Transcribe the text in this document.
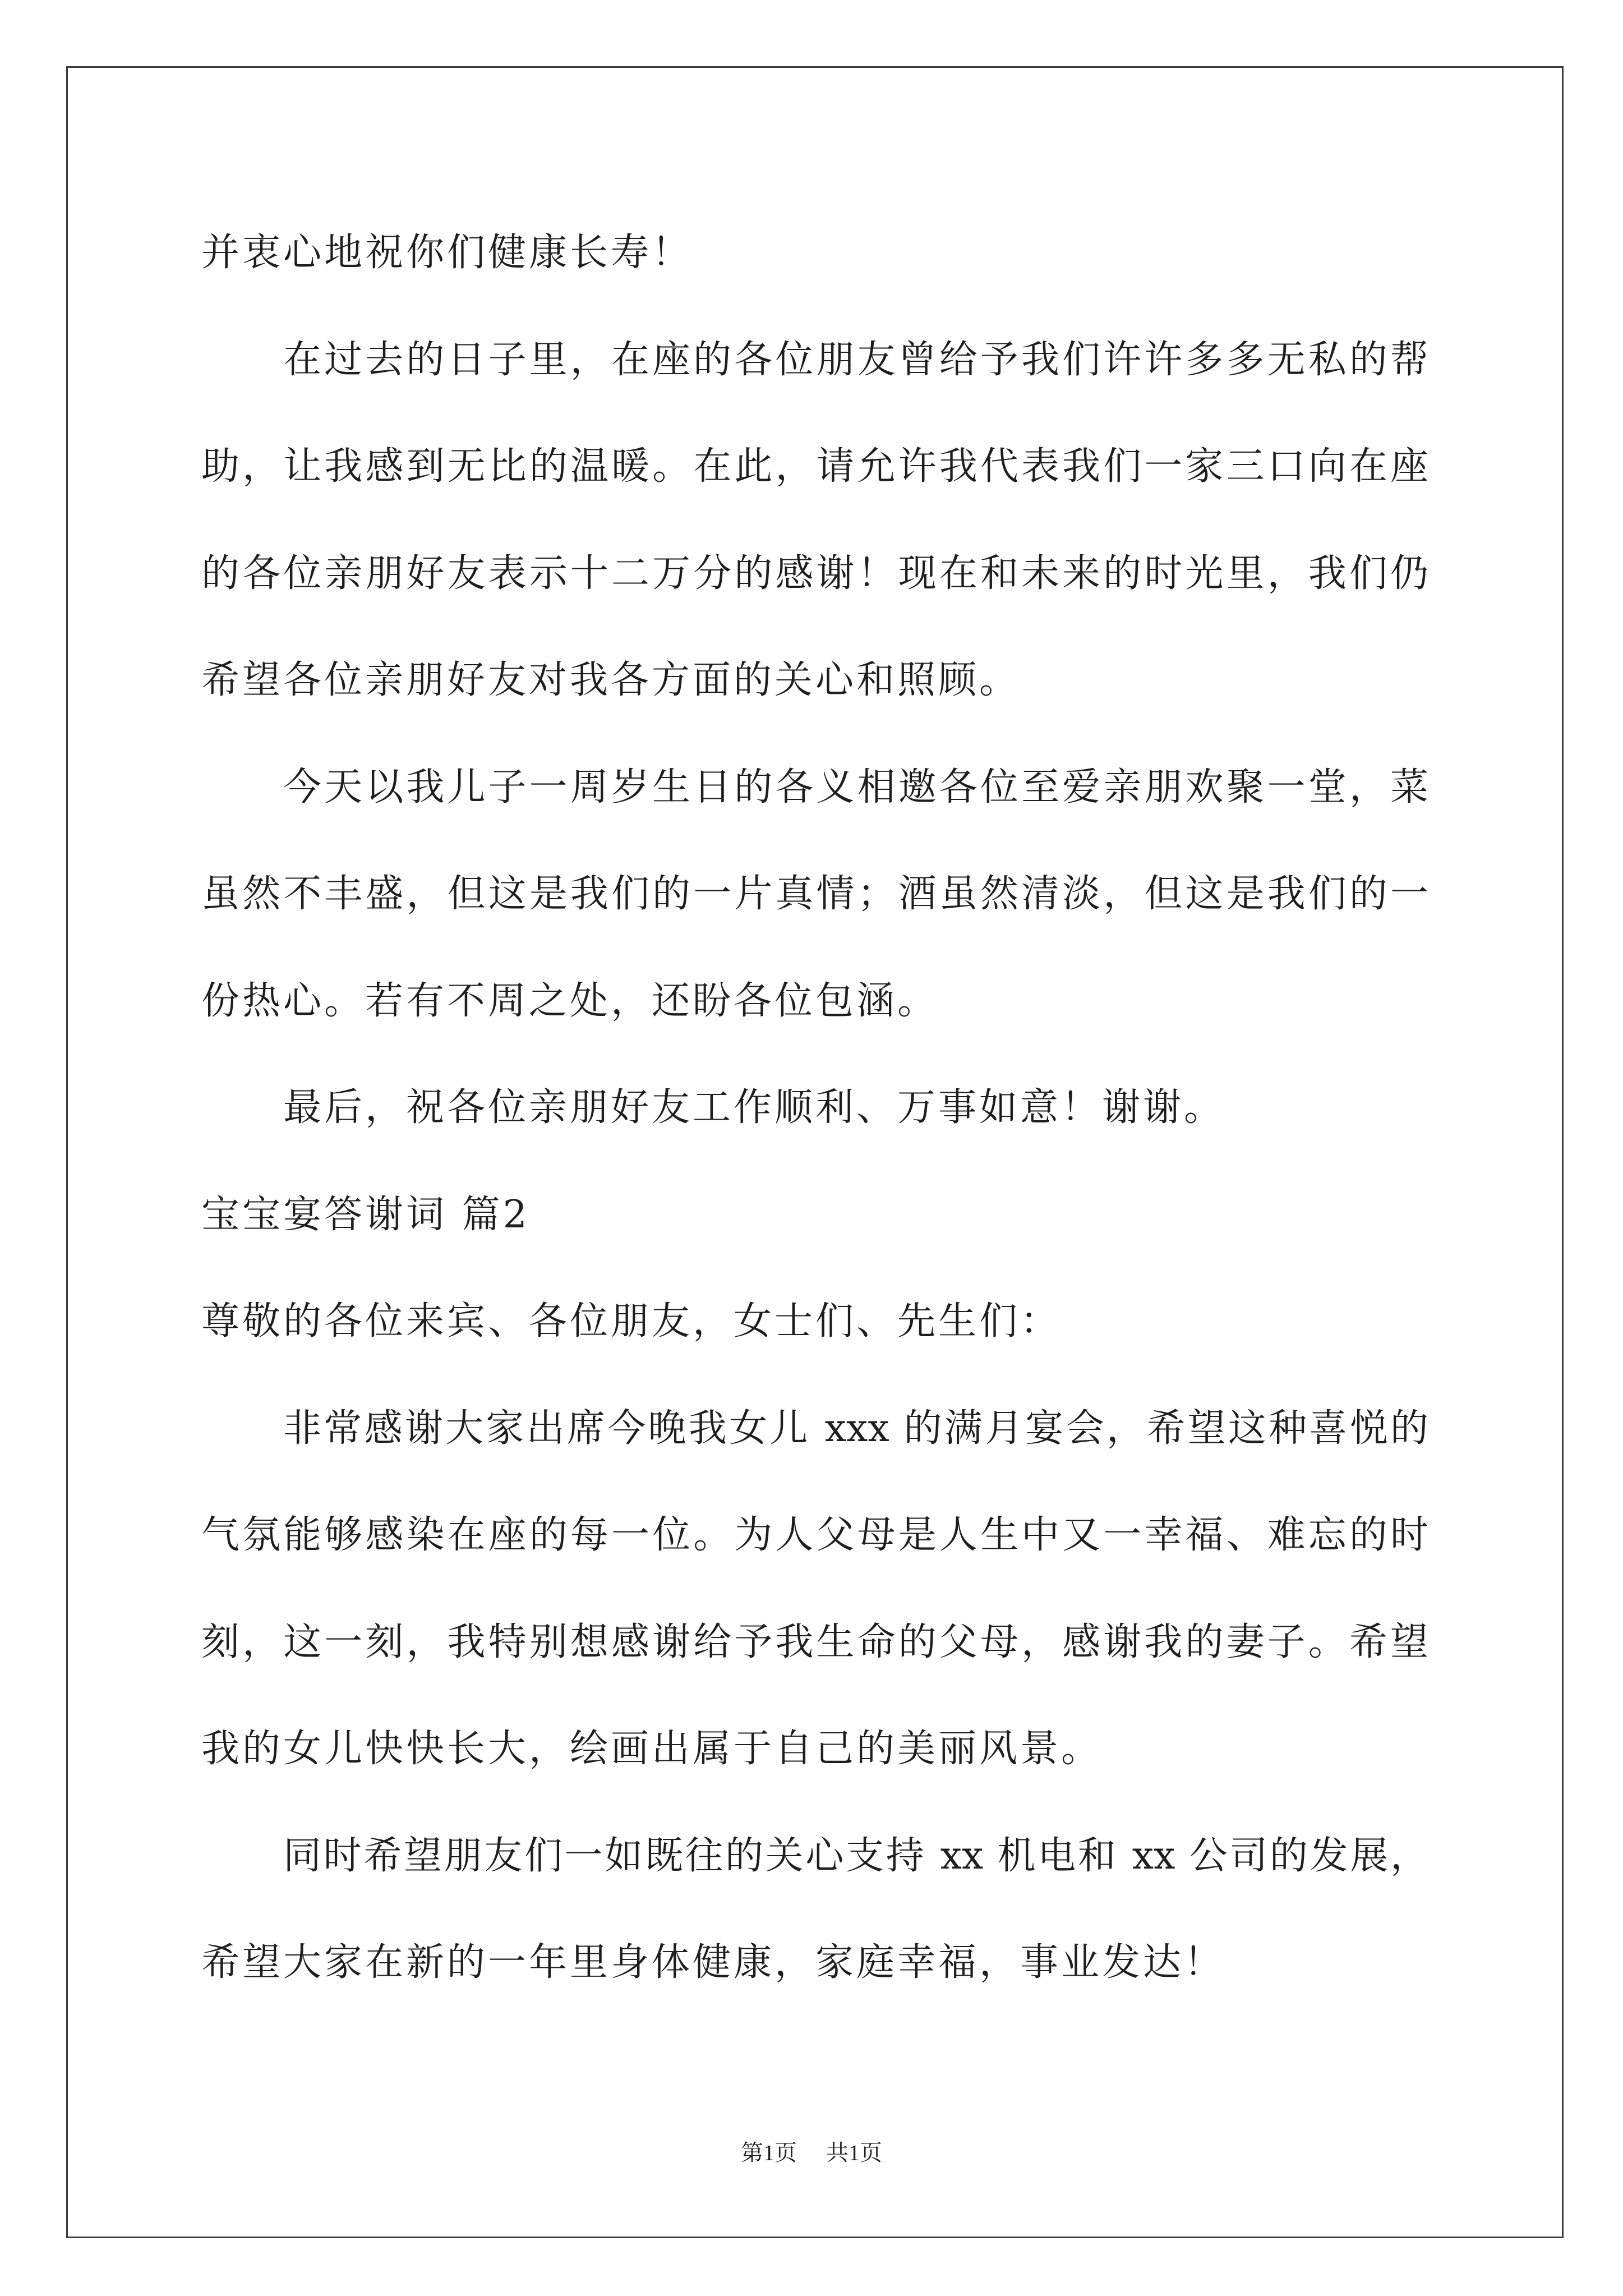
并衷心地祝你们健康长寿！
在过去的日子里，在座的各位朋友曾给予我们许许多多无私的帮
助，让我感到无比的温暖。在此，请允许我代表我们一家三口向在座
的各位亲朋好友表示十二万分的感谢！现在和未来的时光里，我们仍
希望各位亲朋好友对我各方面的关心和照顾。
今天以我儿子一周岁生日的各义相邀各位至爱亲朋欢聚一堂，菜
虽然不丰盛，但这是我们的一片真情；酒虽然清淡，但这是我们的一
份热心。若有不周之处，还盼各位包涵。
最后，祝各位亲朋好友工作顺利、万事如意！谢谢。
宝宝宴答谢词 篇2
尊敬的各位来宾、各位朋友，女士们、先生们：
非常感谢大家出席今晚我女儿 xxx 的满月宴会，希望这种喜悦的
气氛能够感染在座的每一位。为人父母是人生中又一幸福、难忘的时
刻，这一刻，我特别想感谢给予我生命的父母，感谢我的妻子。希望
我的女儿快快长大，绘画出属于自己的美丽风景。
同时希望朋友们一如既往的关心支持 xx 机电和 xx 公司的发展，
希望大家在新的一年里身体健康，家庭幸福，事业发达！
第1页 共1页
